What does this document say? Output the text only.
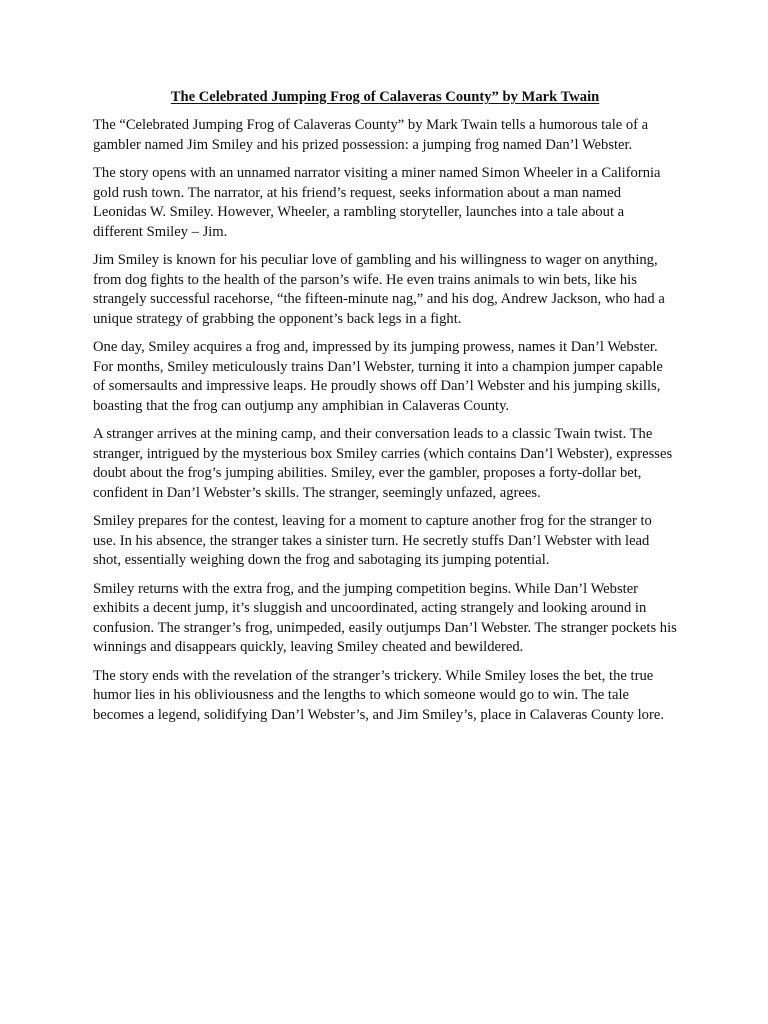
The Celebrated Jumping Frog of Calaveras County” by Mark Twain

The “Celebrated Jumping Frog of Calaveras County” by Mark Twain tells a humorous tale of a gambler named Jim Smiley and his prized possession: a jumping frog named Dan’l Webster.

The story opens with an unnamed narrator visiting a miner named Simon Wheeler in a California gold rush town. The narrator, at his friend’s request, seeks information about a man named Leonidas W. Smiley. However, Wheeler, a rambling storyteller, launches into a tale about a different Smiley – Jim.

Jim Smiley is known for his peculiar love of gambling and his willingness to wager on anything, from dog fights to the health of the parson’s wife. He even trains animals to win bets, like his strangely successful racehorse, “the fifteen-minute nag,” and his dog, Andrew Jackson, who had a unique strategy of grabbing the opponent’s back legs in a fight.

One day, Smiley acquires a frog and, impressed by its jumping prowess, names it Dan’l Webster. For months, Smiley meticulously trains Dan’l Webster, turning it into a champion jumper capable of somersaults and impressive leaps. He proudly shows off Dan’l Webster and his jumping skills, boasting that the frog can outjump any amphibian in Calaveras County.

A stranger arrives at the mining camp, and their conversation leads to a classic Twain twist. The stranger, intrigued by the mysterious box Smiley carries (which contains Dan’l Webster), expresses doubt about the frog’s jumping abilities. Smiley, ever the gambler, proposes a forty-dollar bet, confident in Dan’l Webster’s skills. The stranger, seemingly unfazed, agrees.

Smiley prepares for the contest, leaving for a moment to capture another frog for the stranger to use. In his absence, the stranger takes a sinister turn. He secretly stuffs Dan’l Webster with lead shot, essentially weighing down the frog and sabotaging its jumping potential.

Smiley returns with the extra frog, and the jumping competition begins. While Dan’l Webster exhibits a decent jump, it’s sluggish and uncoordinated, acting strangely and looking around in confusion. The stranger’s frog, unimpeded, easily outjumps Dan’l Webster. The stranger pockets his winnings and disappears quickly, leaving Smiley cheated and bewildered.

The story ends with the revelation of the stranger’s trickery. While Smiley loses the bet, the true humor lies in his obliviousness and the lengths to which someone would go to win. The tale becomes a legend, solidifying Dan’l Webster’s, and Jim Smiley’s, place in Calaveras County lore.
